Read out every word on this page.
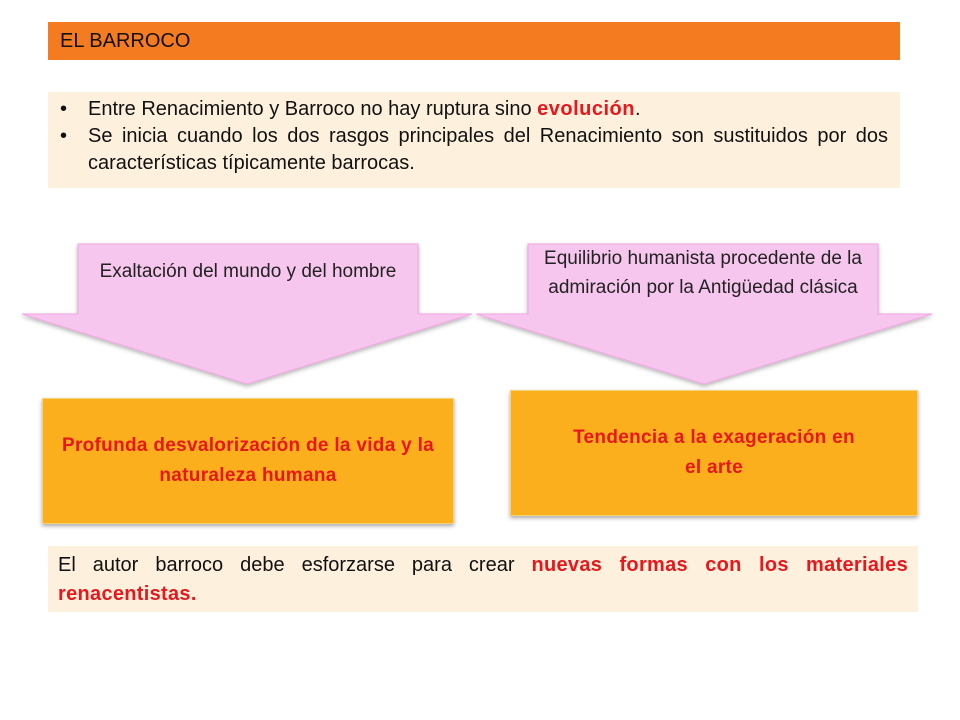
EL BARROCO
• Entre Renacimiento y Barroco no hay ruptura sino evolución.
• Se inicia cuando los dos rasgos principales del Renacimiento son sustituidos por dos características típicamente barrocas.
Exaltación del mundo y del hombre
Equilibrio humanista procedente de la admiración por la Antigüedad clásica
Profunda desvalorización de la vida y la naturaleza humana
Tendencia a la exageración en el arte
El autor barroco debe esforzarse para crear nuevas formas con los materiales renacentistas.
